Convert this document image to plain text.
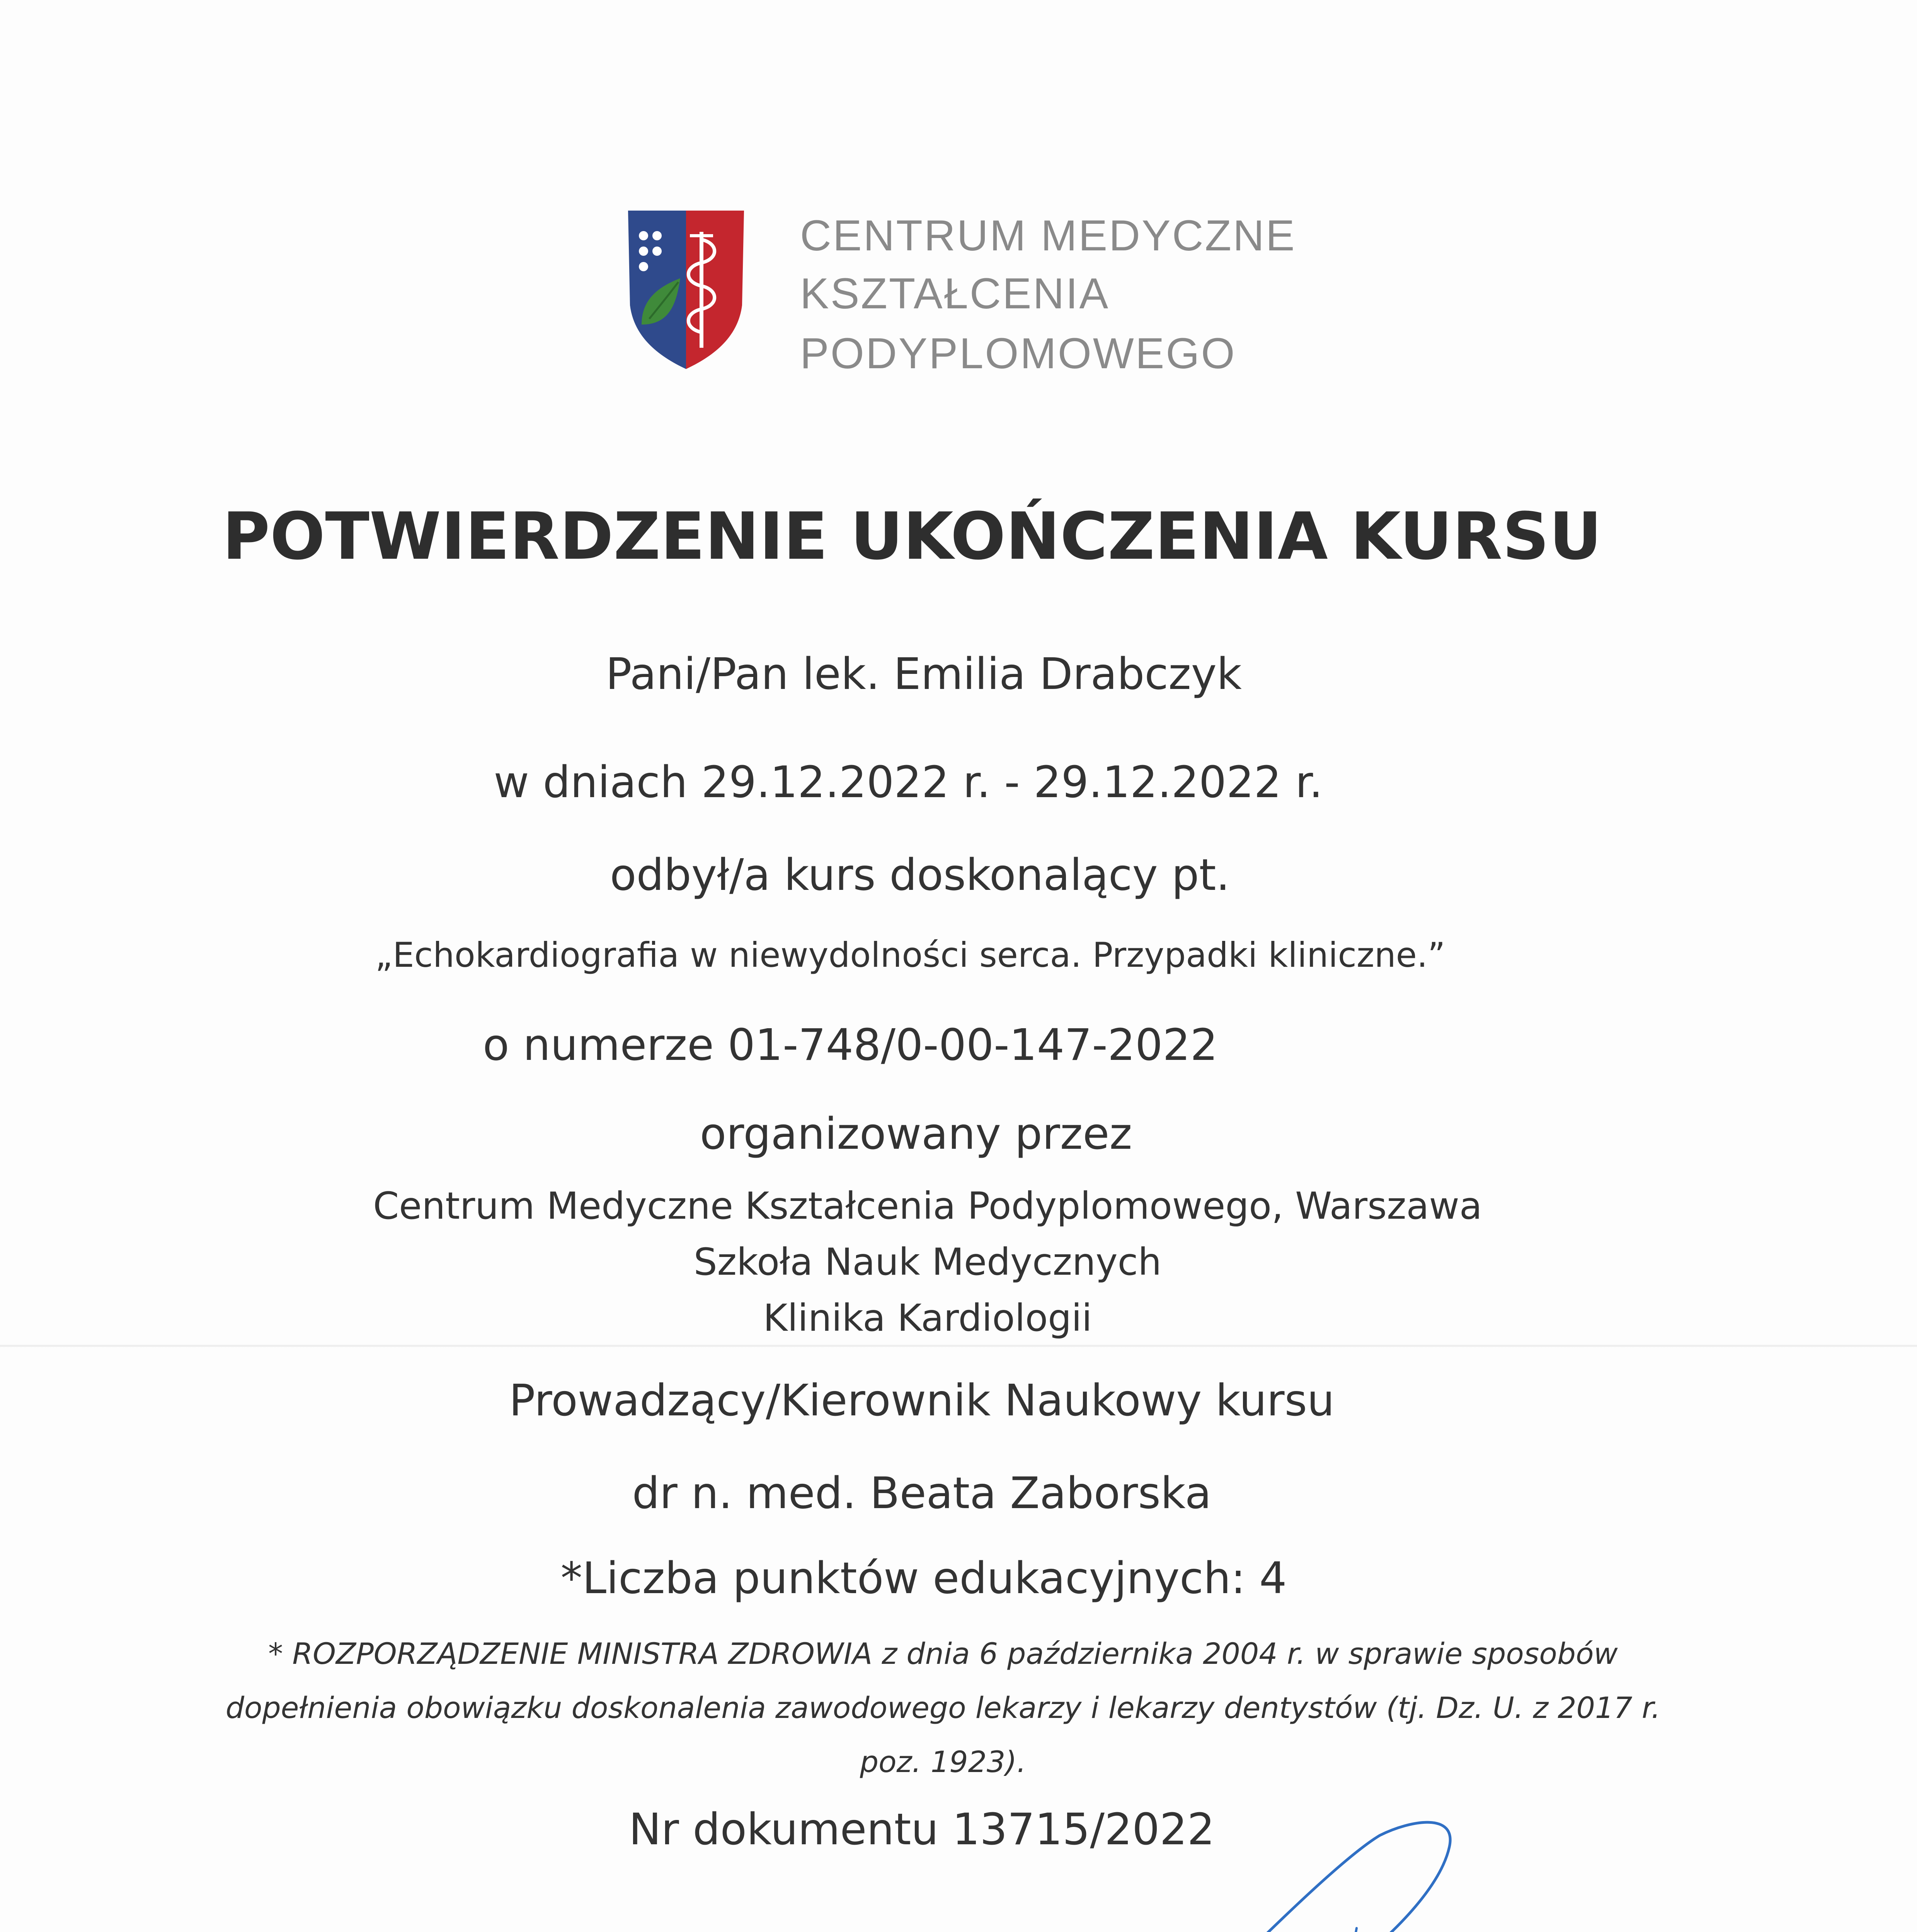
CENTRUM MEDYCZNE
KSZTAŁCENIA
PODYPLOMOWEGO
POTWIERDZENIE UKOŃCZENIA KURSU
Pani/Pan lek. Emilia Drabczyk
w dniach 29.12.2022 r. - 29.12.2022 r.
odbył/a kurs doskonalący pt.
„Echokardiografia w niewydolności serca. Przypadki kliniczne.”
o numerze 01-748/0-00-147-2022
organizowany przez
Centrum Medyczne Kształcenia Podyplomowego, Warszawa
Szkoła Nauk Medycznych
Klinika Kardiologii
Prowadzący/Kierownik Naukowy kursu
dr n. med. Beata Zaborska
*Liczba punktów edukacyjnych: 4
* ROZPORZĄDZENIE MINISTRA ZDROWIA z dnia 6 października 2004 r. w sprawie sposobów
dopełnienia obowiązku doskonalenia zawodowego lekarzy i lekarzy dentystów (tj. Dz. U. z 2017 r.
poz. 1923).
Nr dokumentu 13715/2022
